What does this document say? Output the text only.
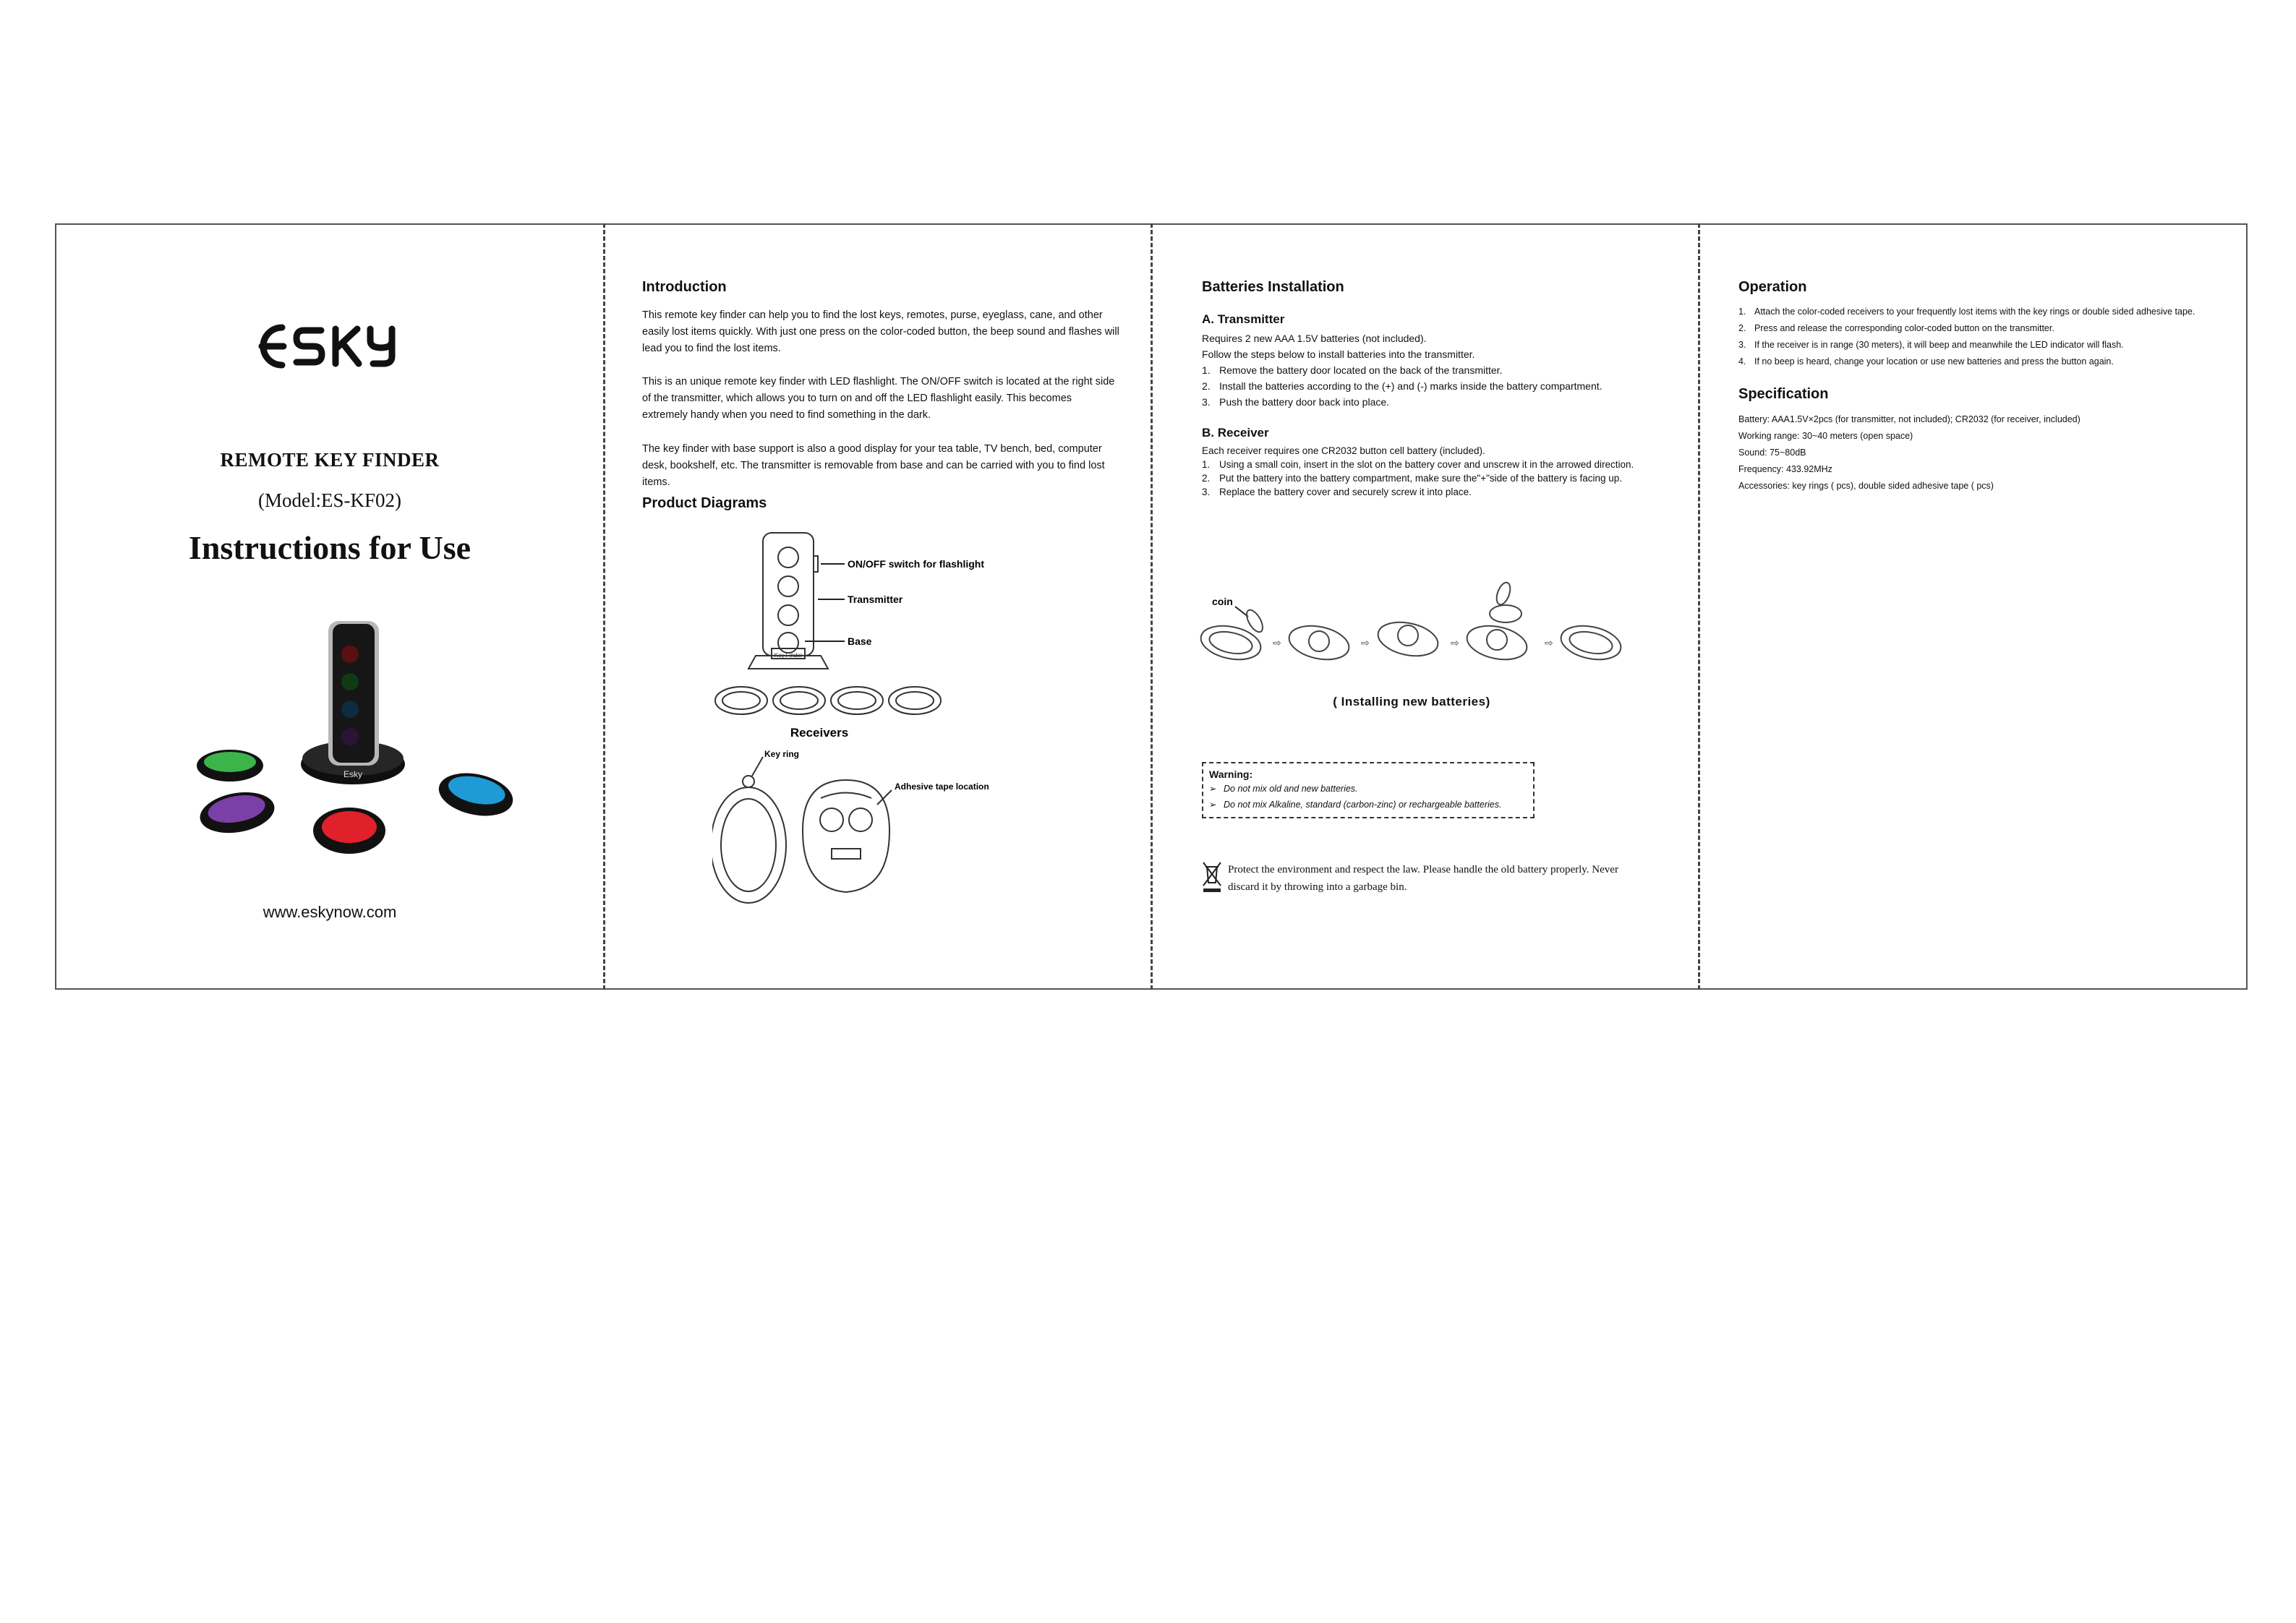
REMOTE KEY FINDER
(Model:ES-KF02)
Instructions for Use
Esky
www.eskynow.com
Introduction

This remote key finder can help you to find the lost keys, remotes, purse, eyeglass, cane, and other easily lost items quickly. With just one press on the color-coded button, the beep sound and flashes will lead you to find the lost items.

This is an unique remote key finder with LED flashlight. The ON/OFF switch is located at the right side of the transmitter, which allows you to turn on and off the LED flashlight easily. This becomes extremely handy when you need to find something in the dark.

The key finder with base support is also a good display for your tea table, TV bench, bed, computer desk, bookshelf, etc. The transmitter is removable from base and can be carried with you to find lost items.

Product Diagrams
Key Finder
ON/OFF switch for flashlight
Transmitter
Base
Receivers
Key ring
Adhesive tape location
Batteries Installation
A. Transmitter
Requires 2 new AAA 1.5V batteries (not included).
Follow the steps below to install batteries into the transmitter.
1. Remove the battery door located on the back of the transmitter.
2. Install the batteries according to the (+) and (-) marks inside the battery compartment.
3. Push the battery door back into place.
B. Receiver
Each receiver requires one CR2032 button cell battery (included).
1. Using a small coin, insert in the slot on the battery cover and unscrew it in the arrowed direction.
2. Put the battery into the battery compartment, make sure the"+"side of the battery is facing up.
3. Replace the battery cover and securely screw it into place.
coin
⇨	⇨	⇨	⇨
( Installing new batteries)
Warning:
➢ Do not mix old and new batteries.
➢ Do not mix Alkaline, standard (carbon-zinc) or rechargeable batteries.
Protect the environment and respect the law. Please handle the old battery properly. Never discard it by throwing into a garbage bin.
Operation
1. Attach the color-coded receivers to your frequently lost items with the key rings or double sided adhesive tape.
2. Press and release the corresponding color-coded button on the transmitter.
3. If the receiver is in range (30 meters), it will beep and meanwhile the LED indicator will flash.
4. If no beep is heard, change your location or use new batteries and press the button again.
Specification
Battery: AAA1.5V×2pcs (for transmitter, not included); CR2032 (for receiver, included)
Working range: 30~40 meters (open space)
Sound: 75~80dB
Frequency: 433.92MHz
Accessories: key rings ( pcs), double sided adhesive tape ( pcs)
